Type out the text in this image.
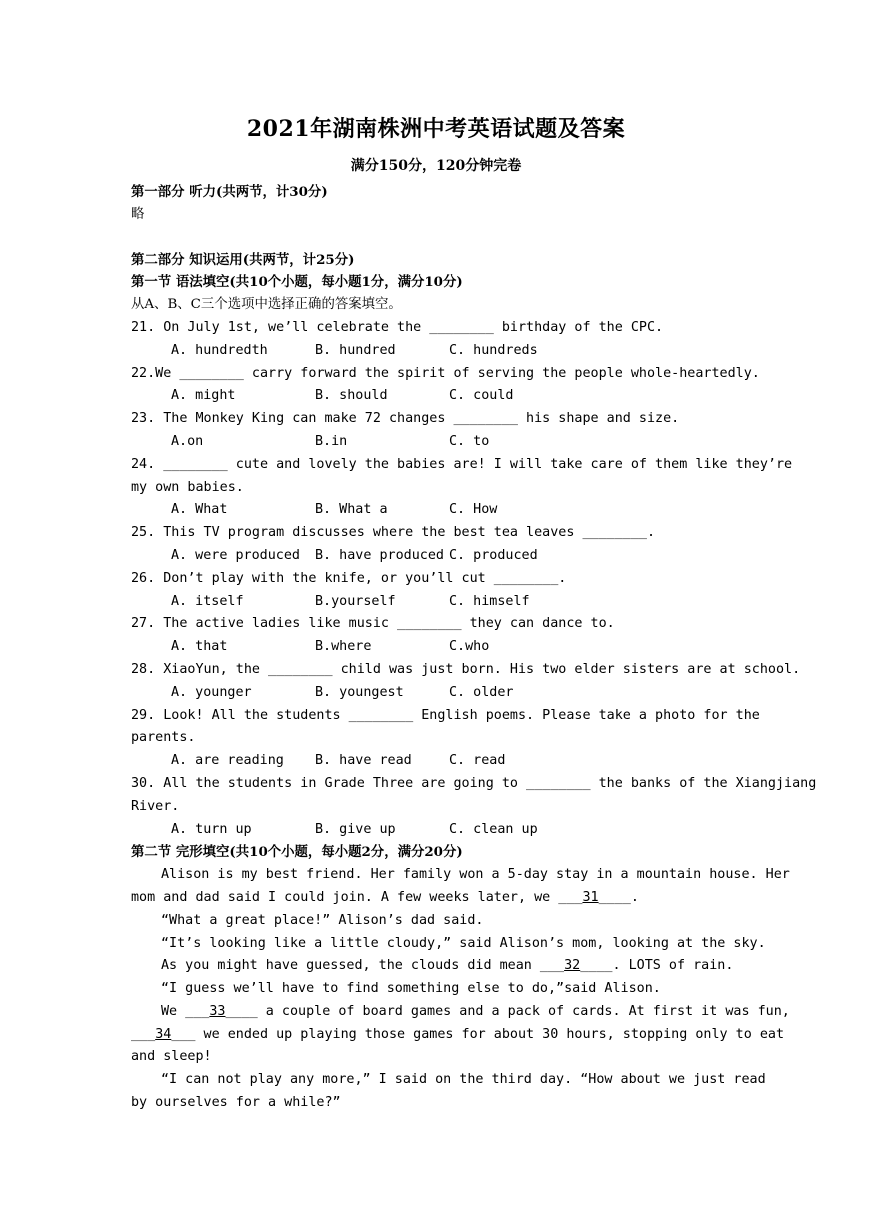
2021年湖南株洲中考英语试题及答案
满分150分，120分钟完卷
第一部分 听力(共两节，计30分)
略
第二部分 知识运用(共两节，计25分)
第一节 语法填空(共10个小题，每小题1分，满分10分)
从A、B、C三个选项中选择正确的答案填空。
21. On July 1st, we’ll celebrate the ________ birthday of the CPC.
A. hundredth	B. hundred	C. hundreds
22.We ________ carry forward the spirit of serving the people whole-heartedly.
A. might	B. should	C. could
23. The Monkey King can make 72 changes ________ his shape and size.
A.on	B.in	C. to
24. ________ cute and lovely the babies are! I will take care of them like they’re
my own babies.
A. What	B. What a	C. How
25. This TV program discusses where the best tea leaves ________.
A. were produced B. have produced C. produced
26. Don’t play with the knife, or you’ll cut ________.
A. itself	B.yourself	C. himself
27. The active ladies like music ________ they can dance to.
A. that	B.where	C.who
28. XiaoYun, the ________ child was just born. His two elder sisters are at school.
A. younger	B. youngest	C. older
29. Look! All the students ________ English poems. Please take a photo for the
parents.
A. are reading B. have read	C. read
30. All the students in Grade Three are going to ________ the banks of the Xiangjiang
River.
A. turn up	B. give up	C. clean up
第二节 完形填空(共10个小题，每小题2分，满分20分)
Alison is my best friend. Her family won a 5-day stay in a mountain house. Her
mom and dad said I could join. A few weeks later, we ___31____.
“What a great place!” Alison’s dad said.
“It’s looking like a little cloudy,” said Alison’s mom, looking at the sky.
As you might have guessed, the clouds did mean ___32____. LOTS of rain.
“I guess we’ll have to find something else to do,”said Alison.
We ___33____ a couple of board games and a pack of cards. At first it was fun,
___34___ we ended up playing those games for about 30 hours, stopping only to eat
and sleep!
“I can not play any more,” I said on the third day. “How about we just read
by ourselves for a while?”
